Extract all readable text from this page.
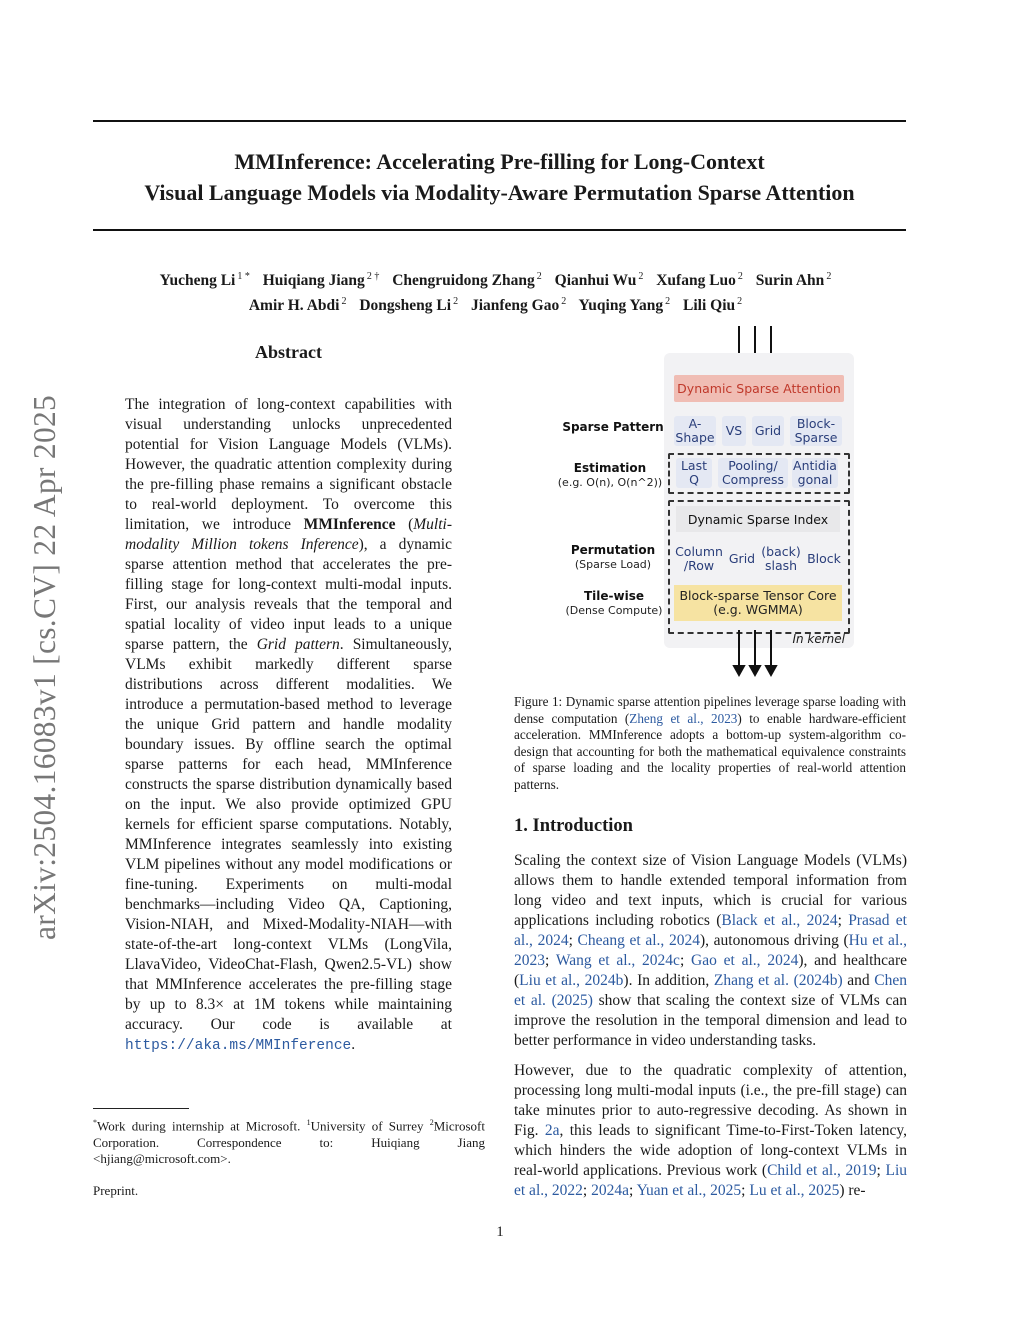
MMInference: Accelerating Pre-filling for Long-Context
Visual Language Models via Modality-Aware Permutation Sparse Attention
Yucheng Li $^{1 *}$ Huiqiang Jiang $^{2 \dagger}$ Chengruidong Zhang $^2$ Qianhui Wu $^2$ Xufang Luo $^2$ Surin Ahn $^2$
Amir H. Abdi $^2$ Dongsheng Li $^2$ Jianfeng Gao $^2$ Yuqing Yang $^2$ Lili Qiu $^2$
arXiv:2504.16083v1 [cs.CV] 22 Apr 2025
Abstract
The integration of long-context capabilities with visual understanding unlocks unprecedented potential for Vision Language Models (VLMs). However, the quadratic attention complexity during the pre-filling phase remains a significant obstacle to real-world deployment. To overcome this limitation, we introduce MMInference (Multi-modality Million tokens Inference), a dynamic sparse attention method that accelerates the pre-filling stage for long-context multi-modal inputs. First, our analysis reveals that the temporal and spatial locality of video input leads to a unique sparse pattern, the Grid pattern. Simultaneously, VLMs exhibit markedly different sparse distributions across different modalities. We introduce a permutation-based method to leverage the unique Grid pattern and handle modality boundary issues. By offline search the optimal sparse patterns for each head, MMInference constructs the sparse distribution dynamically based on the input. We also provide optimized GPU kernels for efficient sparse computations. Notably, MMInference integrates seamlessly into existing VLM pipelines without any model modifications or fine-tuning. Experiments on multi-modal benchmarks—including Video QA, Captioning, Vision-NIAH, and Mixed-Modality-NIAH—with state-of-the-art long-context VLMs (LongVila, LlavaVideo, VideoChat-Flash, Qwen2.5-VL) show that MMInference accelerates the pre-filling stage by up to 8.3× at 1M tokens while maintaining accuracy. Our code is available at https://aka.ms/MMInference.
*Work during internship at Microsoft. $^1$University of Surrey $^2$Microsoft Corporation. Correspondence to: Huiqiang Jiang <hjiang@microsoft.com>.
Preprint.
1
Dynamic Sparse Attention
Sparse Pattern	A-
Shape VS Grid Block-
Sparse
Estimation
(e.g. O(n), O(n^2))
Last
Q
Pooling/
Compress
Antidia
gonal
Dynamic Sparse Index
Permutation
(Sparse Load)
Column
/Row	Grid (back)
slash Block
Tile-wise
(Dense Compute)
Block-sparse Tensor Core
(e.g. WGMMA)
In kernel
Figure 1: Dynamic sparse attention pipelines leverage sparse loading with dense computation (Zheng et al., 2023) to enable hardware-efficient acceleration. MMInference adopts a bottom-up system-algorithm co-design that accounting for both the mathematical equivalence constraints of sparse loading and the locality properties of real-world attention patterns.
1. Introduction
Scaling the context size of Vision Language Models (VLMs) allows them to handle extended temporal information from long video and text inputs, which is crucial for various applications including robotics (Black et al., 2024; Prasad et al., 2024; Cheang et al., 2024), autonomous driving (Hu et al., 2023; Wang et al., 2024c; Gao et al., 2024), and healthcare (Liu et al., 2024b). In addition, Zhang et al. (2024b) and Chen et al. (2025) show that scaling the context size of VLMs can improve the resolution in the temporal dimension and lead to better performance in video understanding tasks.
However, due to the quadratic complexity of attention, processing long multi-modal inputs (i.e., the pre-fill stage) can take minutes prior to auto-regressive decoding. As shown in Fig. 2a, this leads to significant Time-to-First-Token latency, which hinders the wide adoption of long-context VLMs in real-world applications. Previous work (Child et al., 2019; Liu et al., 2022; 2024a; Yuan et al., 2025; Lu et al., 2025) re-
